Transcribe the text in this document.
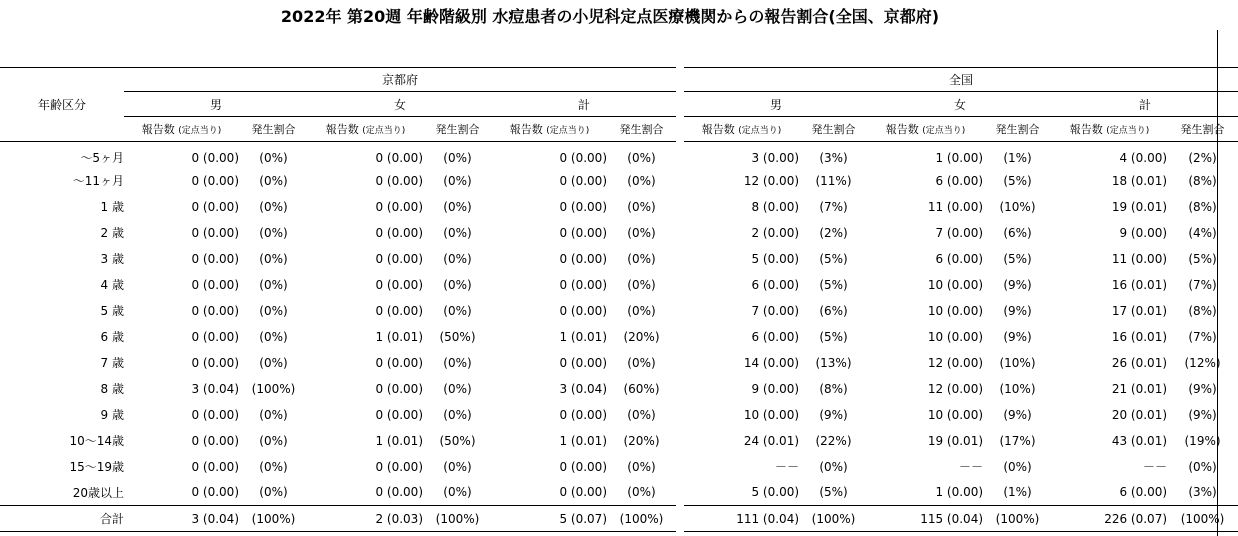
2022年 第20週 年齢階級別 水痘患者の小児科定点医療機関からの報告割合(全国、京都府)
年齢区分	京都府							全国					
	男		女		計			男		女		計	
	報告数 (定点当り)	発生割合	報告数 (定点当り)	発生割合	報告数 (定点当り)	発生割合		報告数 (定点当り)	発生割合	報告数 (定点当り)	発生割合	報告数 (定点当り)	発生割合
～5ヶ月	0 (0.00)	(0%)	0 (0.00)	(0%)	0 (0.00)	(0%)		3 (0.00)	(3%)	1 (0.00)	(1%)	4 (0.00)	(2%)
～11ヶ月	0 (0.00)	(0%)	0 (0.00)	(0%)	0 (0.00)	(0%)		12 (0.00)	(11%)	6 (0.00)	(5%)	18 (0.01)	(8%)
1 歳	0 (0.00)	(0%)	0 (0.00)	(0%)	0 (0.00)	(0%)		8 (0.00)	(7%)	11 (0.00)	(10%)	19 (0.01)	(8%)
2 歳	0 (0.00)	(0%)	0 (0.00)	(0%)	0 (0.00)	(0%)		2 (0.00)	(2%)	7 (0.00)	(6%)	9 (0.00)	(4%)
3 歳	0 (0.00)	(0%)	0 (0.00)	(0%)	0 (0.00)	(0%)		5 (0.00)	(5%)	6 (0.00)	(5%)	11 (0.00)	(5%)
4 歳	0 (0.00)	(0%)	0 (0.00)	(0%)	0 (0.00)	(0%)		6 (0.00)	(5%)	10 (0.00)	(9%)	16 (0.01)	(7%)
5 歳	0 (0.00)	(0%)	0 (0.00)	(0%)	0 (0.00)	(0%)		7 (0.00)	(6%)	10 (0.00)	(9%)	17 (0.01)	(8%)
6 歳	0 (0.00)	(0%)	1 (0.01)	(50%)	1 (0.01)	(20%)		6 (0.00)	(5%)	10 (0.00)	(9%)	16 (0.01)	(7%)
7 歳	0 (0.00)	(0%)	0 (0.00)	(0%)	0 (0.00)	(0%)		14 (0.00)	(13%)	12 (0.00)	(10%)	26 (0.01)	(12%)
8 歳	3 (0.04)	(100%)	0 (0.00)	(0%)	3 (0.04)	(60%)		9 (0.00)	(8%)	12 (0.00)	(10%)	21 (0.01)	(9%)
9 歳	0 (0.00)	(0%)	0 (0.00)	(0%)	0 (0.00)	(0%)		10 (0.00)	(9%)	10 (0.00)	(9%)	20 (0.01)	(9%)
10～14歳	0 (0.00)	(0%)	1 (0.01)	(50%)	1 (0.01)	(20%)		24 (0.01)	(22%)	19 (0.01)	(17%)	43 (0.01)	(19%)
15～19歳	0 (0.00)	(0%)	0 (0.00)	(0%)	0 (0.00)	(0%)		－－	(0%)	－－	(0%)	－－	(0%)
20歳以上	0 (0.00)	(0%)	0 (0.00)	(0%)	0 (0.00)	(0%)		5 (0.00)	(5%)	1 (0.00)	(1%)	6 (0.00)	(3%)
合計	3 (0.04)	(100%)	2 (0.03)	(100%)	5 (0.07)	(100%)		111 (0.04)	(100%)	115 (0.04)	(100%)	226 (0.07)	(100%)
